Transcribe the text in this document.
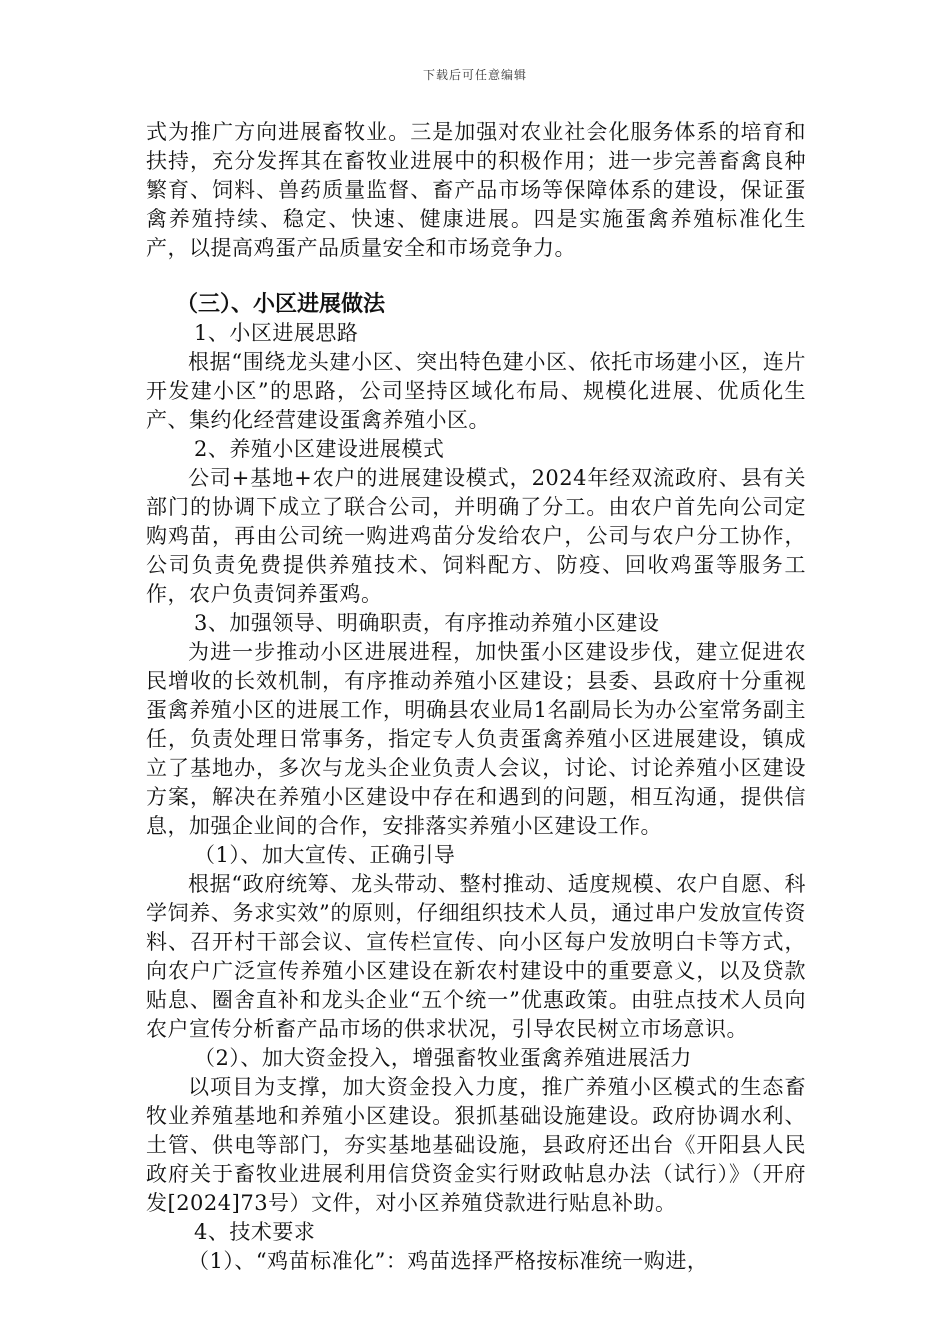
下载后可任意编辑

式为推广方向进展畜牧业。三是加强对农业社会化服务体系的培育和扶持，充分发挥其在畜牧业进展中的积极作用；进一步完善畜禽良种繁育、饲料、兽药质量监督、畜产品市场等保障体系的建设，保证蛋禽养殖持续、稳定、快速、健康进展。四是实施蛋禽养殖标准化生产，以提高鸡蛋产品质量安全和市场竞争力。

（三）、小区进展做法

1、小区进展思路

根据“围绕龙头建小区、突出特色建小区、依托市场建小区，连片开发建小区”的思路，公司坚持区域化布局、规模化进展、优质化生产、集约化经营建设蛋禽养殖小区。

2、养殖小区建设进展模式

公司+基地+农户的进展建设模式，2024年经双流政府、县有关部门的协调下成立了联合公司，并明确了分工。由农户首先向公司定购鸡苗，再由公司统一购进鸡苗分发给农户，公司与农户分工协作，公司负责免费提供养殖技术、饲料配方、防疫、回收鸡蛋等服务工作，农户负责饲养蛋鸡。

3、加强领导、明确职责，有序推动养殖小区建设

为进一步推动小区进展进程，加快蛋小区建设步伐，建立促进农民增收的长效机制，有序推动养殖小区建设；县委、县政府十分重视蛋禽养殖小区的进展工作，明确县农业局1名副局长为办公室常务副主任，负责处理日常事务，指定专人负责蛋禽养殖小区进展建设，镇成立了基地办，多次与龙头企业负责人会议，讨论、讨论养殖小区建设方案，解决在养殖小区建设中存在和遇到的问题，相互沟通，提供信息，加强企业间的合作，安排落实养殖小区建设工作。

（1）、加大宣传、正确引导

根据“政府统筹、龙头带动、整村推动、适度规模、农户自愿、科学饲养、务求实效”的原则，仔细组织技术人员，通过串户发放宣传资料、召开村干部会议、宣传栏宣传、向小区每户发放明白卡等方式，向农户广泛宣传养殖小区建设在新农村建设中的重要意义，以及贷款贴息、圈舍直补和龙头企业“五个统一”优惠政策。由驻点技术人员向农户宣传分析畜产品市场的供求状况，引导农民树立市场意识。

（2）、加大资金投入，增强畜牧业蛋禽养殖进展活力

以项目为支撑，加大资金投入力度，推广养殖小区模式的生态畜牧业养殖基地和养殖小区建设。狠抓基础设施建设。政府协调水利、土管、供电等部门，夯实基地基础设施，县政府还出台《开阳县人民政府关于畜牧业进展利用信贷资金实行财政帖息办法（试行）》（开府发[2024]73号）文件，对小区养殖贷款进行贴息补助。

4、技术要求

（1）、“鸡苗标准化”：鸡苗选择严格按标准统一购进，
